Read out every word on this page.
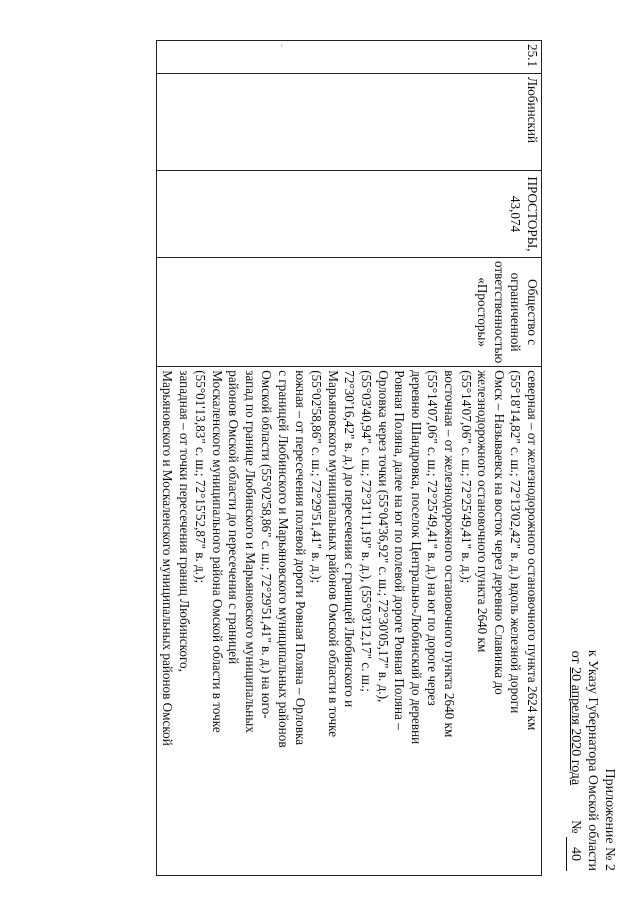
·
Приложение № 2
к Указу Губернатора Омской области
от 20 апреля 2020 года          № 40
25.1	Любинский	ПРОСТОРЫ, 43,074	Общество с ограниченной ответственностью «Просторы»	
северная – от железнодорожного остановочного пункта 2624 км
(55°18'14,82" с. ш.; 72°13'02,42" в. д.) вдоль железной дороги
Омск – Называевск на восток через деревню Славинка до
железнодорожного остановочного пункта 2640 км
(55°14'07,06" с. ш.; 72°25'49,41" в. д.);
восточная – от железнодорожного остановочного пункта 2640 км
(55°14'07,06" с. ш.; 72°25'49,41" в. д.) на юг по дороге через
деревню Шандровка, поселок Центрально-Любинский до деревни
Ровная Поляна, далее на юг по полевой дороге Ровная Поляна –
Орловка через точки (55°04'36,92" с. ш.; 72°30'05,17" в. д.),
(55°03'40,94" с. ш.; 72°31'11,19" в. д.), (55°03'12,17" с. ш.;
72°30'16,42" в. д.) до пересечения с границей Любинского и
Марьяновского муниципальных районов Омской области в точке
(55°02'58,86" с. ш.; 72°29'51,41" в. д.);
южная – от пересечения полевой дороги Ровная Поляна – Орловка
с границей Любинского и Марьяновского муниципальных районов
Омской области (55°02'58,86" с. ш.; 72°29'51,41" в. д.) на юго-
запад по границе Любинского и Марьяновского муниципальных
районов Омской области до пересечения с границей
Москаленского муниципального района Омской области в точке
(55°01'13,83" с. ш.; 72°15'52,87" в. д.);
западная – от точки пересечения границ Любинского,
Марьяновского и Москаленского муниципальных районов Омской
